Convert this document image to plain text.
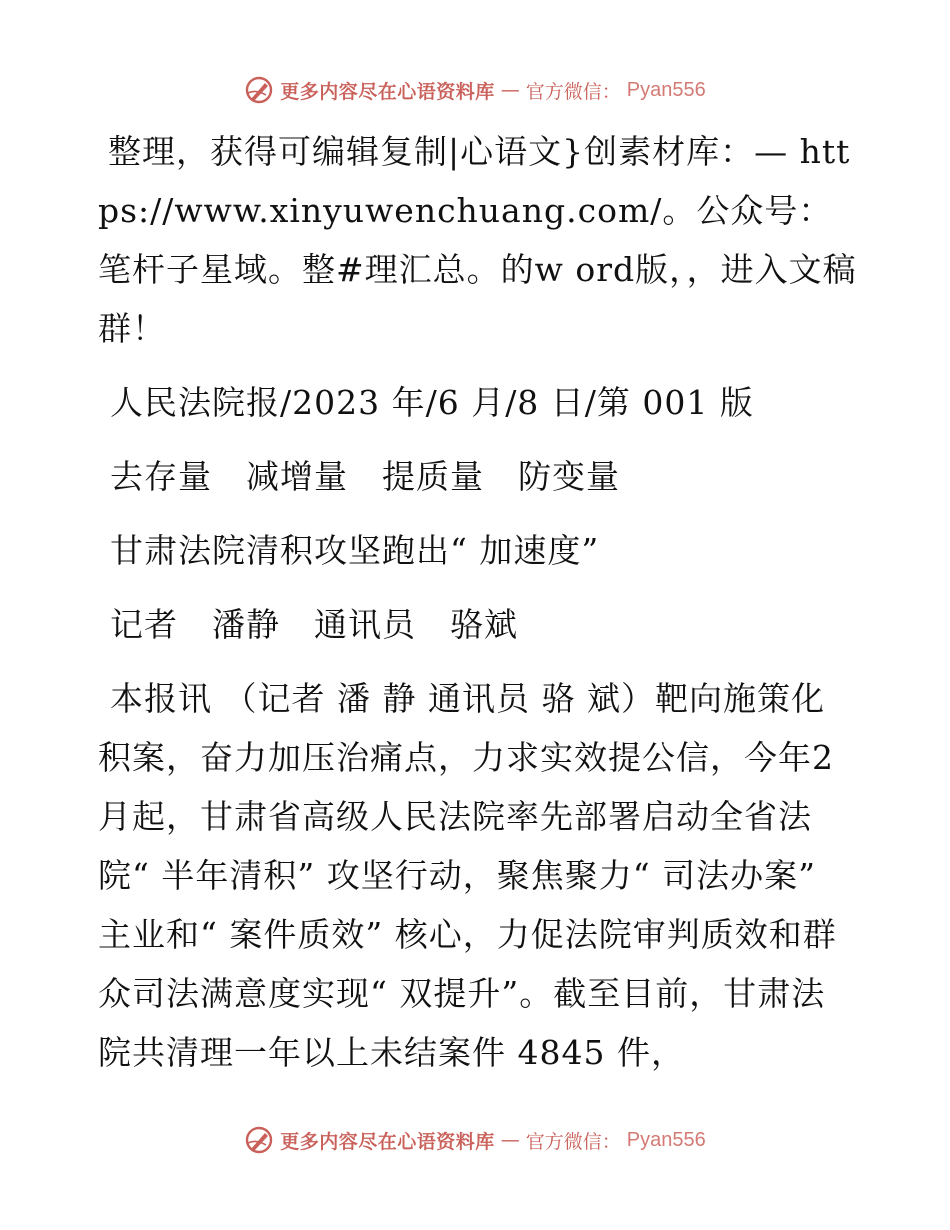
更多内容尽在心语资料库 — 官方微信： Pyan556

整理，获得可编辑复制|心语文}创素材库：— https://www.xinyuwenchuang.com/。公众号：笔杆子星域。整#理汇总。的w ord版，，进入文稿群！

人民法院报/2023 年/6 月/8 日/第 001 版

去存量　减增量　提质量　防变量

甘肃法院清积攻坚跑出“ 加速度”

记者　潘静　通讯员　骆斌

本报讯 （记者 潘 静 通讯员 骆 斌）靶向施策化积案，奋力加压治痛点，力求实效提公信，今年2 月起，甘肃省高级人民法院率先部署启动全省法院“ 半年清积” 攻坚行动，聚焦聚力“ 司法办案” 主业和“ 案件质效” 核心，力促法院审判质效和群众司法满意度实现“ 双提升”。截至目前，甘肃法院共清理一年以上未结案件 4845 件，

更多内容尽在心语资料库 — 官方微信： Pyan556
